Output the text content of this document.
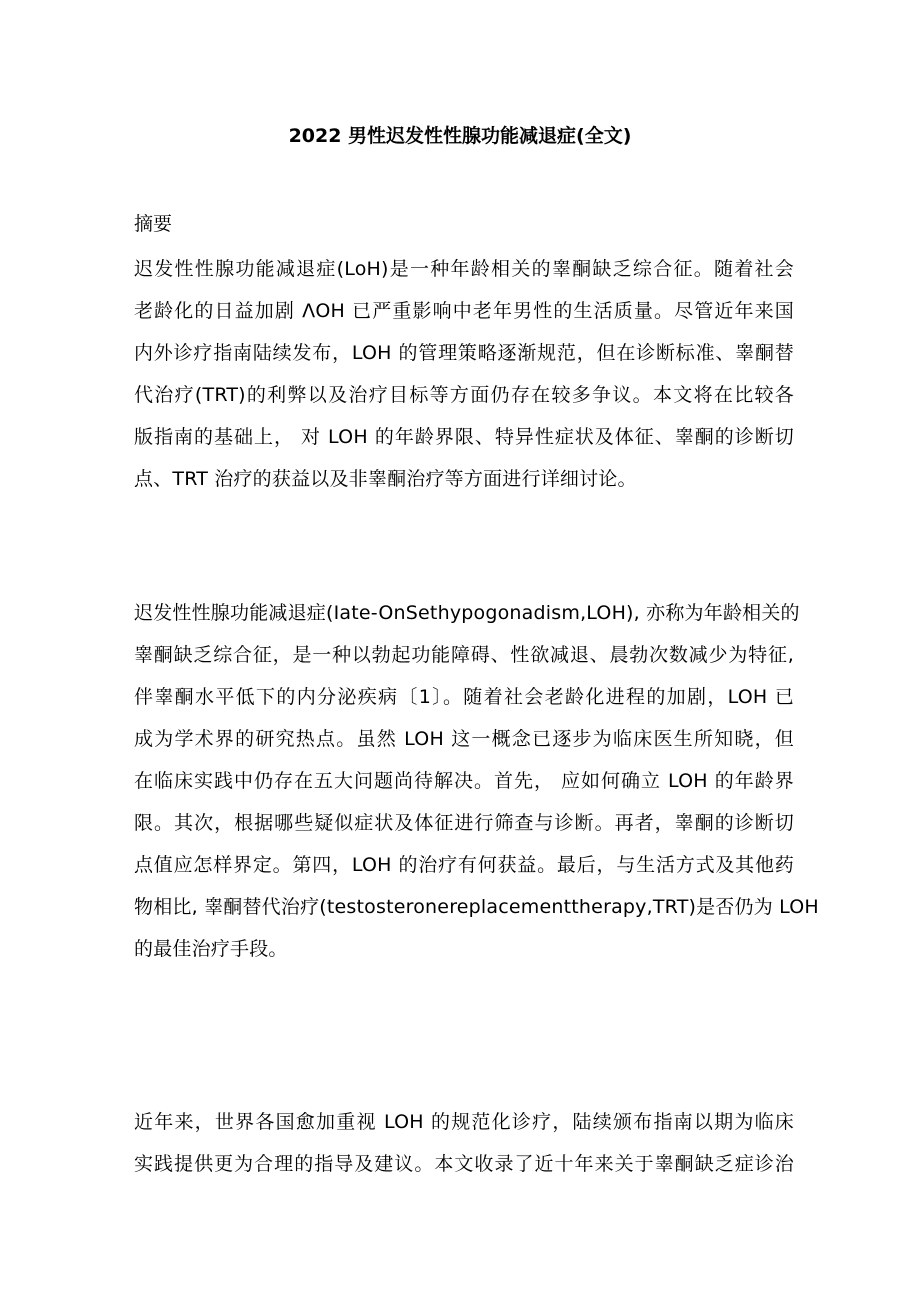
2022 男性迟发性性腺功能减退症(全文)
摘要
迟发性性腺功能减退症(LoH)是一种年龄相关的睾酮缺乏综合征。随着社会
老龄化的日益加剧 ΛOH 已严重影响中老年男性的生活质量。尽管近年来国
内外诊疗指南陆续发布，LOH 的管理策略逐渐规范，但在诊断标准、睾酮替
代治疗(TRT)的利弊以及治疗目标等方面仍存在较多争议。本文将在比较各
版指南的基础上， 对 LOH 的年龄界限、特异性症状及体征、睾酮的诊断切
点、TRT 治疗的获益以及非睾酮治疗等方面进行详细讨论。
迟发性性腺功能减退症(Iate-OnSethypogonadism,LOH), 亦称为年龄相关的
睾酮缺乏综合征，是一种以勃起功能障碍、性欲减退、晨勃次数减少为特征,
伴睾酮水平低下的内分泌疾病〔1〕。随着社会老龄化进程的加剧，LOH 已
成为学术界的研究热点。虽然 LOH 这一概念已逐步为临床医生所知晓，但
在临床实践中仍存在五大问题尚待解决。首先， 应如何确立 LOH 的年龄界
限。其次，根据哪些疑似症状及体征进行筛查与诊断。再者，睾酮的诊断切
点值应怎样界定。第四，LOH 的治疗有何获益。最后，与生活方式及其他药
物相比, 睾酮替代治疗(testosteronereplacementtherapy,TRT)是否仍为 LOH
的最佳治疗手段。
近年来，世界各国愈加重视 LOH 的规范化诊疗，陆续颁布指南以期为临床
实践提供更为合理的指导及建议。本文收录了近十年来关于睾酮缺乏症诊治
